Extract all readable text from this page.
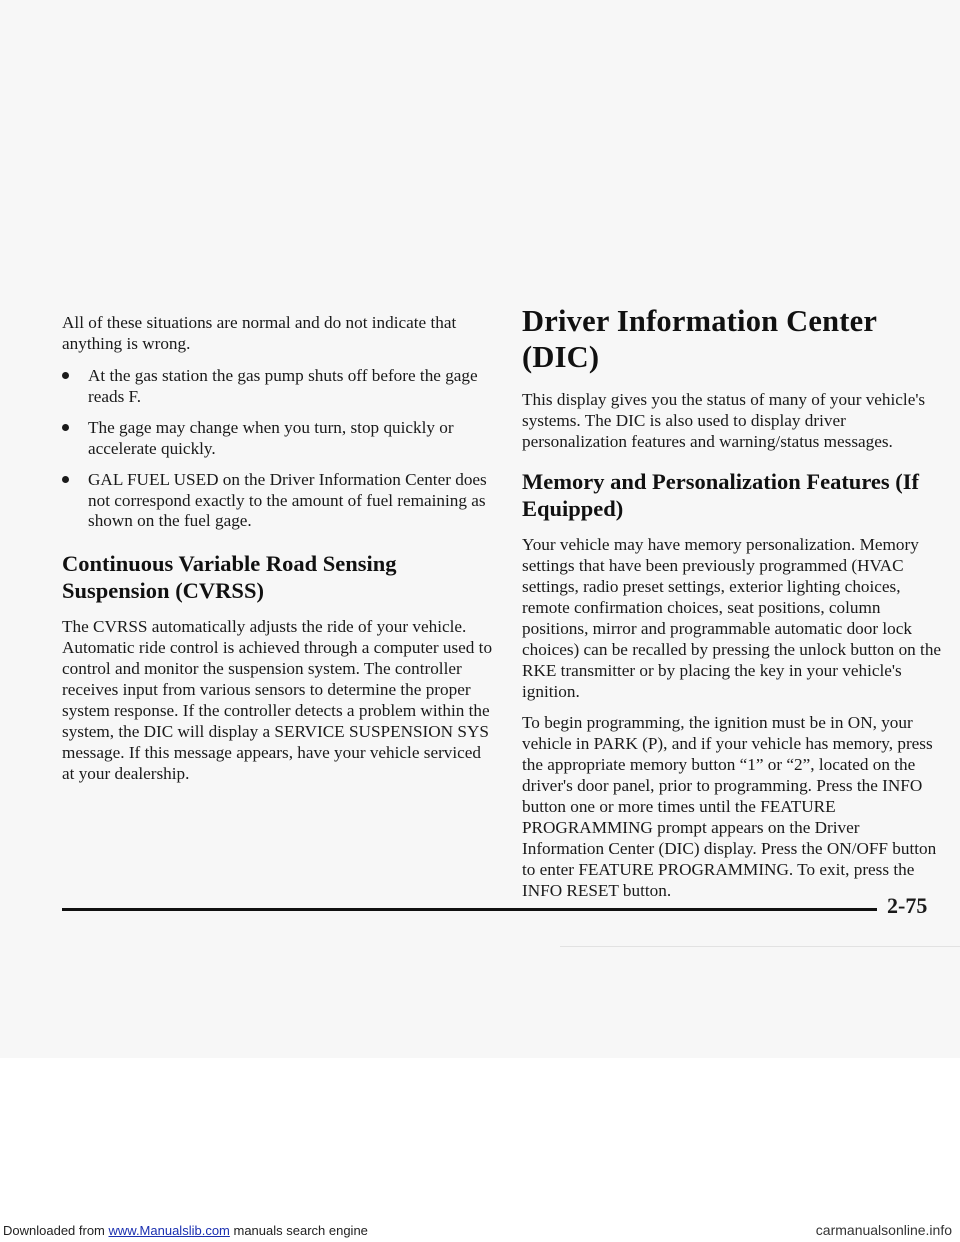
All of these situations are normal and do not indicate that anything is wrong.

At the gas station the gas pump shuts off before the gage reads F.
The gage may change when you turn, stop quickly or accelerate quickly.
GAL FUEL USED on the Driver Information Center does not correspond exactly to the amount of fuel remaining as shown on the fuel gage.
Continuous Variable Road Sensing Suspension (CVRSS)

The CVRSS automatically adjusts the ride of your vehicle. Automatic ride control is achieved through a computer used to control and monitor the suspension system. The controller receives input from various sensors to determine the proper system response. If the controller detects a problem within the system, the DIC will display a SERVICE SUSPENSION SYS message. If this message appears, have your vehicle serviced at your dealership.

Driver Information Center (DIC)

This display gives you the status of many of your vehicle's systems. The DIC is also used to display driver personalization features and warning/status messages.

Memory and Personalization Features (If Equipped)

Your vehicle may have memory personalization. Memory settings that have been previously programmed (HVAC settings, radio preset settings, exterior lighting choices, remote confirmation choices, seat positions, column positions, mirror and programmable automatic door lock choices) can be recalled by pressing the unlock button on the RKE transmitter or by placing the key in your vehicle's ignition.

To begin programming, the ignition must be in ON, your vehicle in PARK (P), and if your vehicle has memory, press the appropriate memory button “1” or “2”, located on the driver's door panel, prior to programming. Press the INFO button one or more times until the FEATURE PROGRAMMING prompt appears on the Driver Information Center (DIC) display. Press the ON/OFF button to enter FEATURE PROGRAMMING. To exit, press the INFO RESET button.

2-75
Downloaded from www.Manualslib.com manuals search engine	carmanualsonline.info
